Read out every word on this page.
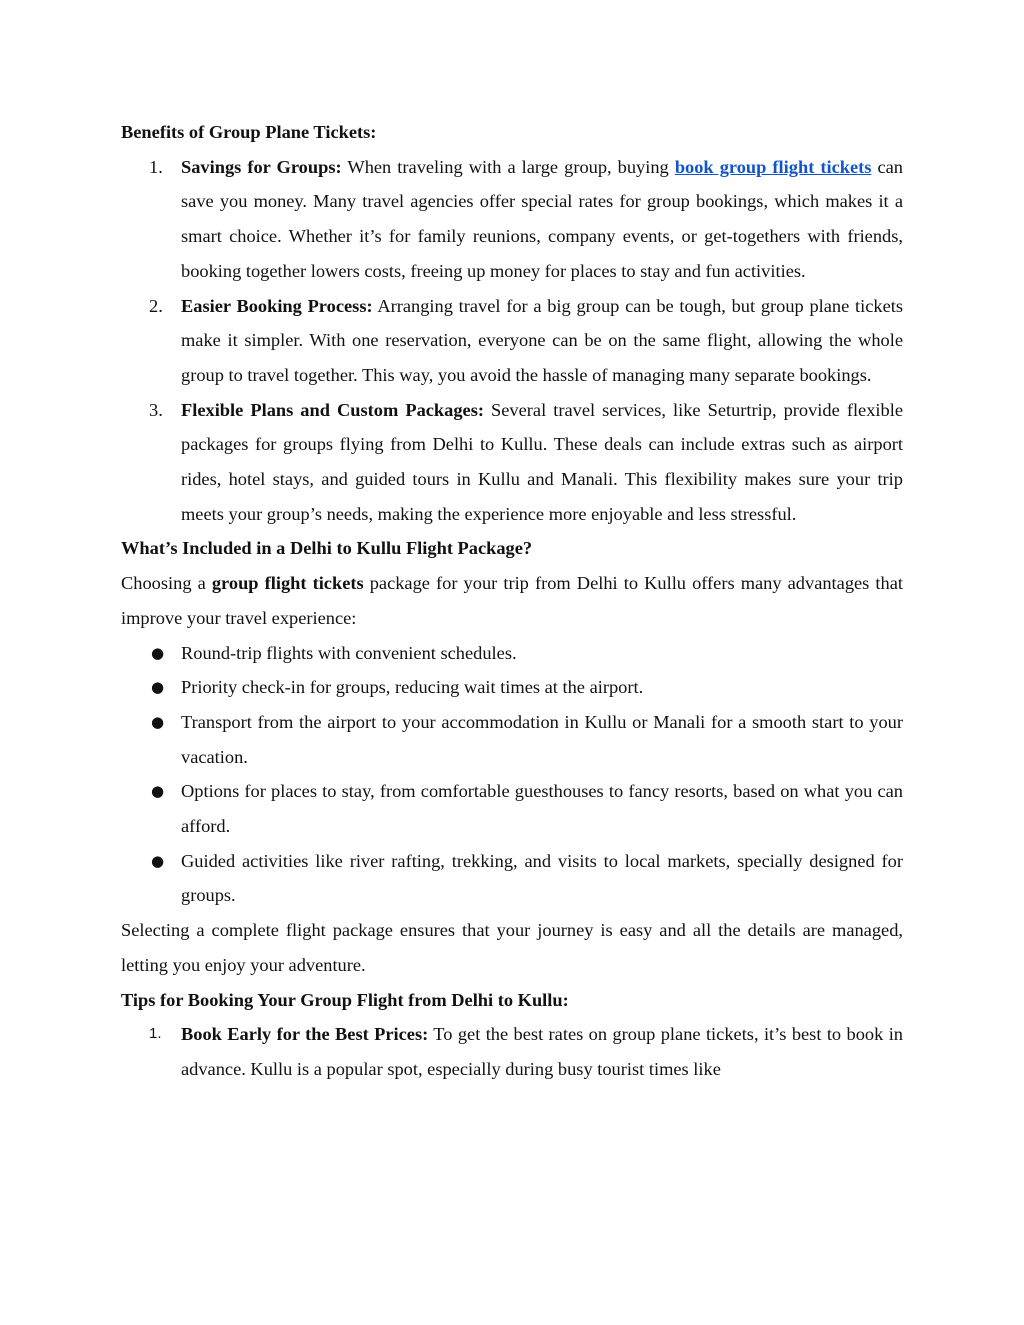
Benefits of Group Plane Tickets:
1. Savings for Groups: When traveling with a large group, buying book group flight tickets can save you money. Many travel agencies offer special rates for group bookings, which makes it a smart choice. Whether it’s for family reunions, company events, or get-togethers with friends, booking together lowers costs, freeing up money for places to stay and fun activities.
2. Easier Booking Process: Arranging travel for a big group can be tough, but group plane tickets make it simpler. With one reservation, everyone can be on the same flight, allowing the whole group to travel together. This way, you avoid the hassle of managing many separate bookings.
3. Flexible Plans and Custom Packages: Several travel services, like Seturtrip, provide flexible packages for groups flying from Delhi to Kullu. These deals can include extras such as airport rides, hotel stays, and guided tours in Kullu and Manali. This flexibility makes sure your trip meets your group’s needs, making the experience more enjoyable and less stressful.
What’s Included in a Delhi to Kullu Flight Package?
Choosing a group flight tickets package for your trip from Delhi to Kullu offers many advantages that improve your travel experience:
● Round-trip flights with convenient schedules.
● Priority check-in for groups, reducing wait times at the airport.
● Transport from the airport to your accommodation in Kullu or Manali for a smooth start to your vacation.
● Options for places to stay, from comfortable guesthouses to fancy resorts, based on what you can afford.
● Guided activities like river rafting, trekking, and visits to local markets, specially designed for groups.
Selecting a complete flight package ensures that your journey is easy and all the details are managed, letting you enjoy your adventure.
Tips for Booking Your Group Flight from Delhi to Kullu:
1. Book Early for the Best Prices: To get the best rates on group plane tickets, it’s best to book in advance. Kullu is a popular spot, especially during busy tourist times like
